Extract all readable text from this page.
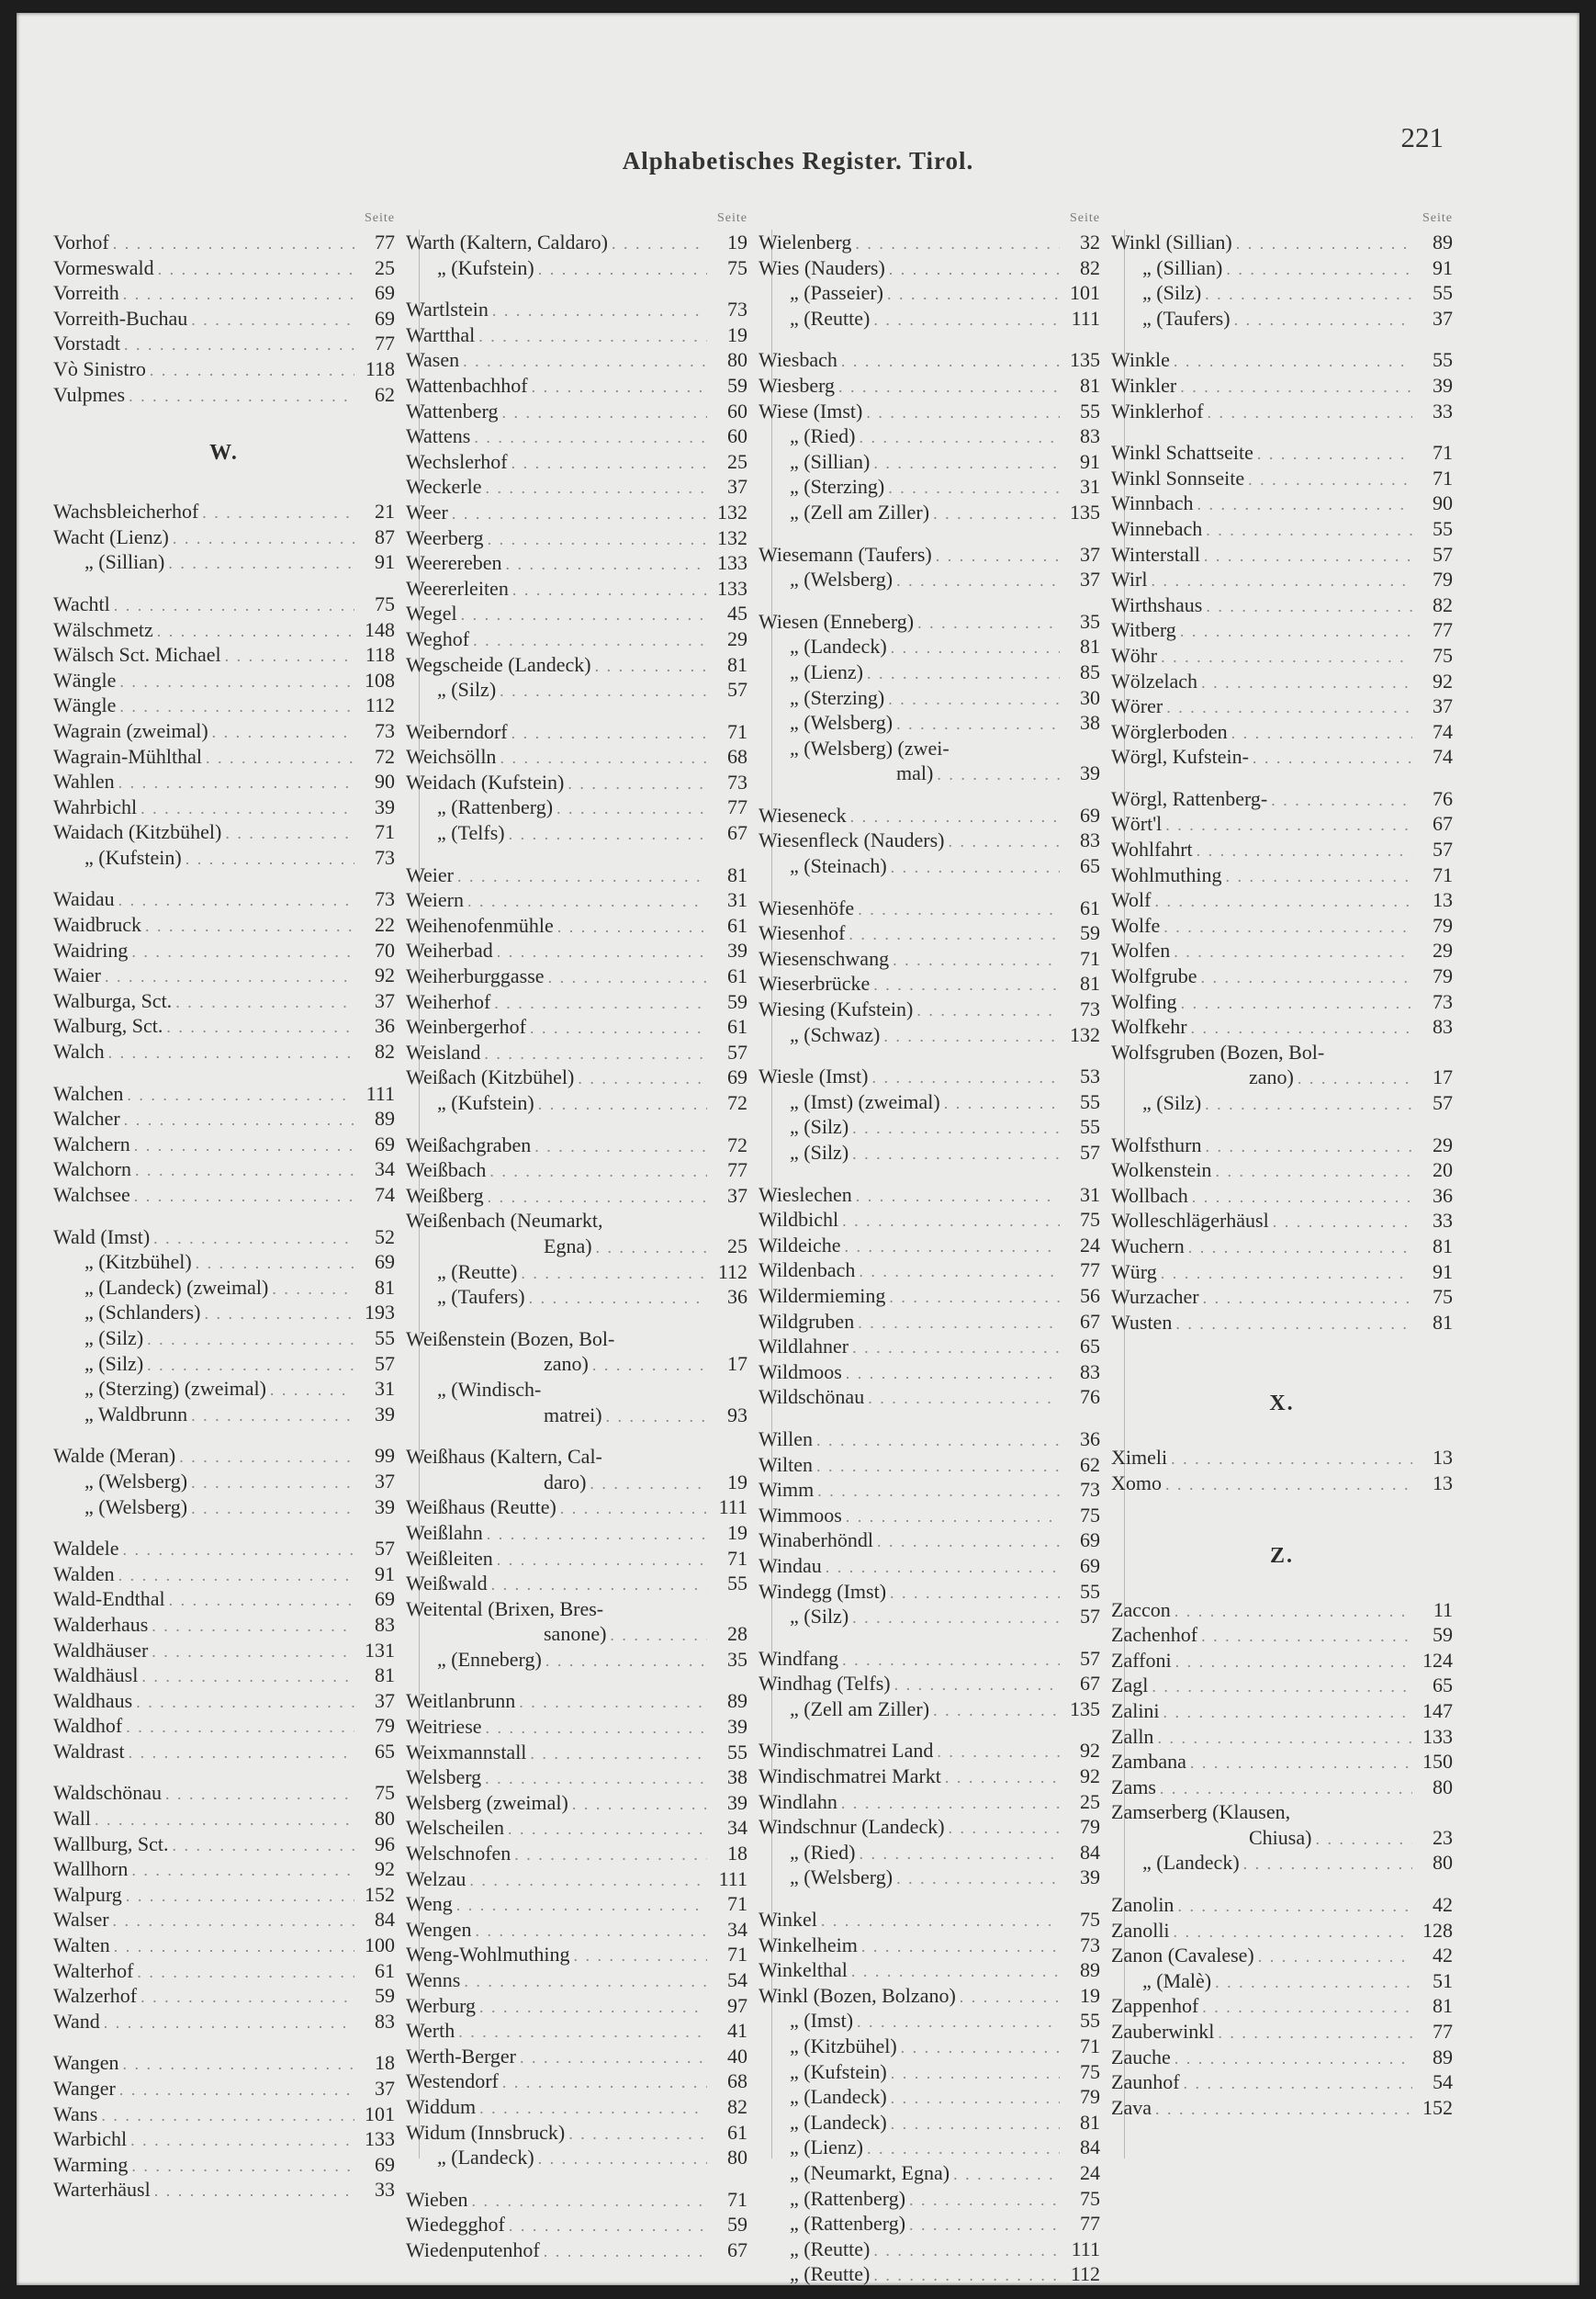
Alphabetisches Register. Tirol.
221
Seite
Vorhof . . .	77
Vormeswald . . .	25
Vorreith . . .	69
Vorreith-Buchau . . .	69
Vorstadt . . .	77
Vò Sinistro . . .	118
Vulpmes . . .	62
W.
Wachsbleicherhof . . .	21
Wacht (Lienz) . . .	87
„ (Sillian) . . .	91
Wachtl . . .	75
Wälschmetz . . .	148
Wälsch Sct. Michael . . .	118
Wängle . . .	108
Wängle . . .	112
Wagrain (zweimal) . . .	73
Wagrain-Mühlthal . . .	72
Wahlen . . .	90
Wahrbichl . . .	39
Waidach (Kitzbühel) . . .	71
„ (Kufstein) . . .	73
Waidau . . .	73
Waidbruck . . .	22
Waidring . . .	70
Waier . . .	92
Walburga, Sct. . . .	37
Walburg, Sct. . . .	36
Walch . . .	82
Walchen . . .	111
Walcher . . .	89
Walchern . . .	69
Walchorn . . .	34
Walchsee . . .	74
Wald (Imst) . . .	52
„ (Kitzbühel) . . .	69
„ (Landeck) (zweimal) . . .	81
„ (Schlanders) . . .	193
„ (Silz) . . .	55
„ (Silz) . . .	57
„ (Sterzing) (zweimal) . . .	31
„ Waldbrunn . . .	39
Walde (Meran) . . .	99
„ (Welsberg) . . .	37
„ (Welsberg) . . .	39
Waldele . . .	57
Walden . . .	91
Wald-Endthal . . .	69
Walderhaus . . .	83
Waldhäuser . . .	131
Waldhäusl . . .	81
Waldhaus . . .	37
Waldhof . . .	79
Waldrast . . .	65
Waldschönau . . .	75
Wall . . .	80
Wallburg, Sct. . . .	96
Wallhorn . . .	92
Walpurg . . .	152
Walser . . .	84
Walten . . .	100
Walterhof . . .	61
Walzerhof . . .	59
Wand . . .	83
Wangen . . .	18
Wanger . . .	37
Wans . . .	101
Warbichl . . .	133
Warming . . .	69
Warterhäusl . . .	33
Seite
Warth (Kaltern, Caldaro) . . .	19
„ (Kufstein) . . .	75
Wartlstein . . .	73
Wartthal . . .	19
Wasen . . .	80
Wattenbachhof . . .	59
Wattenberg . . .	60
Wattens . . .	60
Wechslerhof . . .	25
Weckerle . . .	37
Weer . . .	132
Weerberg . . .	132
Weerereben . . .	133
Weererleiten . . .	133
Wegel . . .	45
Weghof . . .	29
Wegscheide (Landeck) . . .	81
„ (Silz) . . .	57
Weiberndorf . . .	71
Weichsölln . . .	68
Weidach (Kufstein) . . .	73
„ (Rattenberg) . . .	77
„ (Telfs) . . .	67
Weier . . .	81
Weiern . . .	31
Weihenofenmühle . . .	61
Weiherbad . . .	39
Weiherburggasse . . .	61
Weiherhof . . .	59
Weinbergerhof . . .	61
Weisland . . .	57
Weißach (Kitzbühel) . . .	69
„ (Kufstein) . . .	72
Weißachgraben . . .	72
Weißbach . . .	77
Weißberg . . .	37
Weißenbach (Neumarkt,
Egna) . . .	25
„ (Reutte) . . .	112
„ (Taufers) . . .	36
Weißenstein (Bozen, Bol-
zano) . . .	17
„ (Windisch-
matrei) . . .	93
Weißhaus (Kaltern, Cal-
daro) . . .	19
Weißhaus (Reutte) . . .	111
Weißlahn . . .	19
Weißleiten . . .	71
Weißwald . . .	55
Weitental (Brixen, Bres-
sanone) . . .	28
„ (Enneberg) . . .	35
Weitlanbrunn . . .	89
Weitriese . . .	39
Weixmannstall . . .	55
Welsberg . . .	38
Welsberg (zweimal) . . .	39
Welscheilen . . .	34
Welschnofen . . .	18
Welzau . . .	111
Weng . . .	71
Wengen . . .	34
Weng-Wohlmuthing . . .	71
Wenns . . .	54
Werburg . . .	97
Werth . . .	41
Werth-Berger . . .	40
Westendorf . . .	68
Widdum . . .	82
Widum (Innsbruck) . . .	61
„ (Landeck) . . .	80
Wieben . . .	71
Wiedegghof . . .	59
Wiedenputenhof . . .	67
Seite
Wielenberg . . .	32
Wies (Nauders) . . .	82
„ (Passeier) . . .	101
„ (Reutte) . . .	111
Wiesbach . . .	135
Wiesberg . . .	81
Wiese (Imst) . . .	55
„ (Ried) . . .	83
„ (Sillian) . . .	91
„ (Sterzing) . . .	31
„ (Zell am Ziller) . . .	135
Wiesemann (Taufers) . . .	37
„ (Welsberg) . . .	37
Wiesen (Enneberg) . . .	35
„ (Landeck) . . .	81
„ (Lienz) . . .	85
„ (Sterzing) . . .	30
„ (Welsberg) . . .	38
„ (Welsberg) (zwei-
mal) . . .	39
Wieseneck . . .	69
Wiesenfleck (Nauders) . . .	83
„ (Steinach) . . .	65
Wiesenhöfe . . .	61
Wiesenhof . . .	59
Wiesenschwang . . .	71
Wieserbrücke . . .	81
Wiesing (Kufstein) . . .	73
„ (Schwaz) . . .	132
Wiesle (Imst) . . .	53
„ (Imst) (zweimal) . . .	55
„ (Silz) . . .	55
„ (Silz) . . .	57
Wieslechen . . .	31
Wildbichl . . .	75
Wildeiche . . .	24
Wildenbach . . .	77
Wildermieming . . .	56
Wildgruben . . .	67
Wildlahner . . .	65
Wildmoos . . .	83
Wildschönau . . .	76
Willen . . .	36
Wilten . . .	62
Wimm . . .	73
Wimmoos . . .	75
Winaberhöndl . . .	69
Windau . . .	69
Windegg (Imst) . . .	55
„ (Silz) . . .	57
Windfang . . .	57
Windhag (Telfs) . . .	67
„ (Zell am Ziller) . . .	135
Windischmatrei Land . . .	92
Windischmatrei Markt . . .	92
Windlahn . . .	25
Windschnur (Landeck) . . .	79
„ (Ried) . . .	84
„ (Welsberg) . . .	39
Winkel . . .	75
Winkelheim . . .	73
Winkelthal . . .	89
Winkl (Bozen, Bolzano) . . .	19
„ (Imst) . . .	55
„ (Kitzbühel) . . .	71
„ (Kufstein) . . .	75
„ (Landeck) . . .	79
„ (Landeck) . . .	81
„ (Lienz) . . .	84
„ (Neumarkt, Egna) . . .	24
„ (Rattenberg) . . .	75
„ (Rattenberg) . . .	77
„ (Reutte) . . .	111
„ (Reutte) . . .	112
Seite
Winkl (Sillian) . . .	89
„ (Sillian) . . .	91
„ (Silz) . . .	55
„ (Taufers) . . .	37
Winkle . . .	55
Winkler . . .	39
Winklerhof . . .	33
Winkl Schattseite . . .	71
Winkl Sonnseite . . .	71
Winnbach . . .	90
Winnebach . . .	55
Winterstall . . .	57
Wirl . . .	79
Wirthshaus . . .	82
Witberg . . .	77
Wöhr . . .	75
Wölzelach . . .	92
Wörer . . .	37
Wörglerboden . . .	74
Wörgl, Kufstein- . . .	74
Wörgl, Rattenberg- . . .	76
Wört'l . . .	67
Wohlfahrt . . .	57
Wohlmuthing . . .	71
Wolf . . .	13
Wolfe . . .	79
Wolfen . . .	29
Wolfgrube . . .	79
Wolfing . . .	73
Wolfkehr . . .	83
Wolfsgruben (Bozen, Bol-
zano) . . .	17
„ (Silz) . . .	57
Wolfsthurn . . .	29
Wolkenstein . . .	20
Wollbach . . .	36
Wolleschlägerhäusl . . .	33
Wuchern . . .	81
Würg . . .	91
Wurzacher . . .	75
Wusten . . .	81
X.
Ximeli . . .	13
Xomo . . .	13
Z.
Zaccon . . .	11
Zachenhof . . .	59
Zaffoni . . .	124
Zagl . . .	65
Zalini . . .	147
Zalln . . .	133
Zambana . . .	150
Zams . . .	80
Zamserberg (Klausen,
Chiusa) . . .	23
„ (Landeck) . . .	80
Zanolin . . .	42
Zanolli . . .	128
Zanon (Cavalese) . . .	42
„ (Malè) . . .	51
Zappenhof . . .	81
Zauberwinkl . . .	77
Zauche . . .	89
Zaunhof . . .	54
Zava . . .	152
